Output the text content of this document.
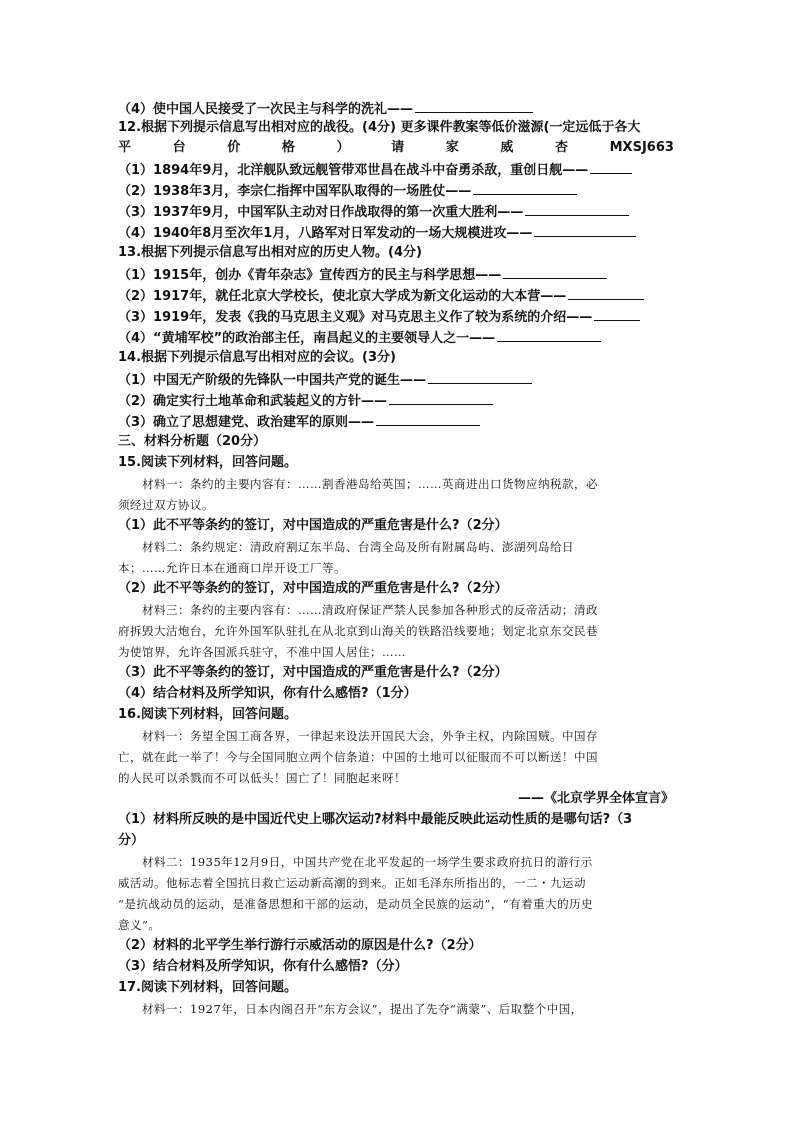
（4）使中国人民接受了一次民主与科学的洗礼——
12.根据下列提示信息写出相对应的战役。(4分) 更多课件教案等低价滋源(一定远低于各大
平	台	价	格	）	请	家	威	杏	MXSJ663
（1）1894年9月，北洋舰队致远舰管带邓世昌在战斗中奋勇杀敌，重创日舰——
（2）1938年3月，李宗仁指挥中国军队取得的一场胜仗——
（3）1937年9月，中国军队主动对日作战取得的第一次重大胜利——
（4）1940年8月至次年1月，八路军对日军发动的一场大规模进攻——
13.根据下列提示信息写出相对应的历史人物。(4分)
（1）1915年，创办《青年杂志》宣传西方的民主与科学思想——
（2）1917年，就任北京大学校长，使北京大学成为新文化运动的大本营——
（3）1919年，发表《我的马克思主义观》对马克思主义作了较为系统的介绍——
（4）“黄埔军校”的政治部主任，南昌起义的主要领导人之一——
14.根据下列提示信息写出相对应的会议。(3分)
（1）中国无产阶级的先锋队一中国共产党的诞生——
（2）确定实行土地革命和武装起义的方针——
（3）确立了思想建党、政治建军的原则——
三、材料分析题（20分）
15.阅读下列材料，回答问题。
材料一：条约的主要内容有：……割香港岛给英国；……英商进出口货物应纳税款，必
须经过双方协议。
（1）此不平等条约的签订，对中国造成的严重危害是什么?（2分）
材料二：条约规定：清政府割辽东半岛、台湾全岛及所有附属岛屿、澎湖列岛给日
本；……允许日本在通商口岸开设工厂等。
（2）此不平等条约的签订，对中国造成的严重危害是什么?（2分）
材料三：条约的主要内容有：……清政府保证严禁人民参加各种形式的反帝活动；清政
府拆毁大沽炮台，允许外国军队驻扎在从北京到山海关的铁路沿线要地；划定北京东交民巷
为使馆界，允许各国派兵驻守，不准中国人居住；……
（3）此不平等条约的签订，对中国造成的严重危害是什么?（2分）
（4）结合材料及所学知识，你有什么感悟?（1分）
16.阅读下列材料，回答问题。
材料一：务望全国工商各界，一律起来设法开国民大会，外争主权，内除国贼。中国存
亡，就在此一举了！今与全国同胞立两个信条道：中国的土地可以征服而不可以断送！中国
的人民可以杀戮而不可以低头！国亡了！同胞起来呀！
——《北京学界全体宣言》
（1）材料所反映的是中国近代史上哪次运动?材料中最能反映此运动性质的是哪句话?（3
分）
材料二：1935年12月9日，中国共产党在北平发起的一场学生要求政府抗日的游行示
威活动。他标志着全国抗日救亡运动新高潮的到来。正如毛泽东所指出的，一二・九运动
“是抗战动员的运动，是准备思想和干部的运动，是动员全民族的运动”，“有着重大的历史
意义”。
（2）材料的北平学生举行游行示威活动的原因是什么?（2分）
（3）结合材料及所学知识，你有什么感悟?（分）
17.阅读下列材料，回答问题。
材料一：1927年，日本内阁召开“东方会议”，提出了先夺“满蒙”、后取整个中国，
